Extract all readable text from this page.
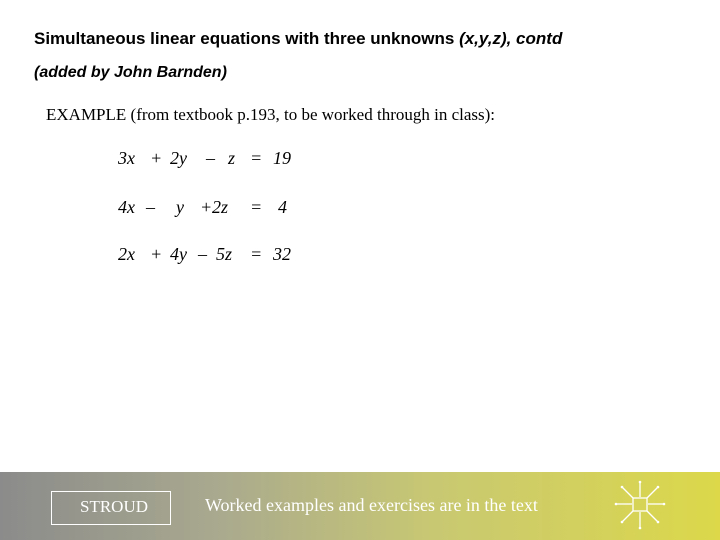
Simultaneous linear equations with three unknowns (x,y,z), contd
(added by John Barnden)
EXAMPLE (from textbook p.193, to be worked through in class):

3x

+

2y

–

z

=

19

4x

–

y

+

2z

=

4

2x

+

4y

–

5z

=

32

STROUD	Worked examples and exercises are in the text
